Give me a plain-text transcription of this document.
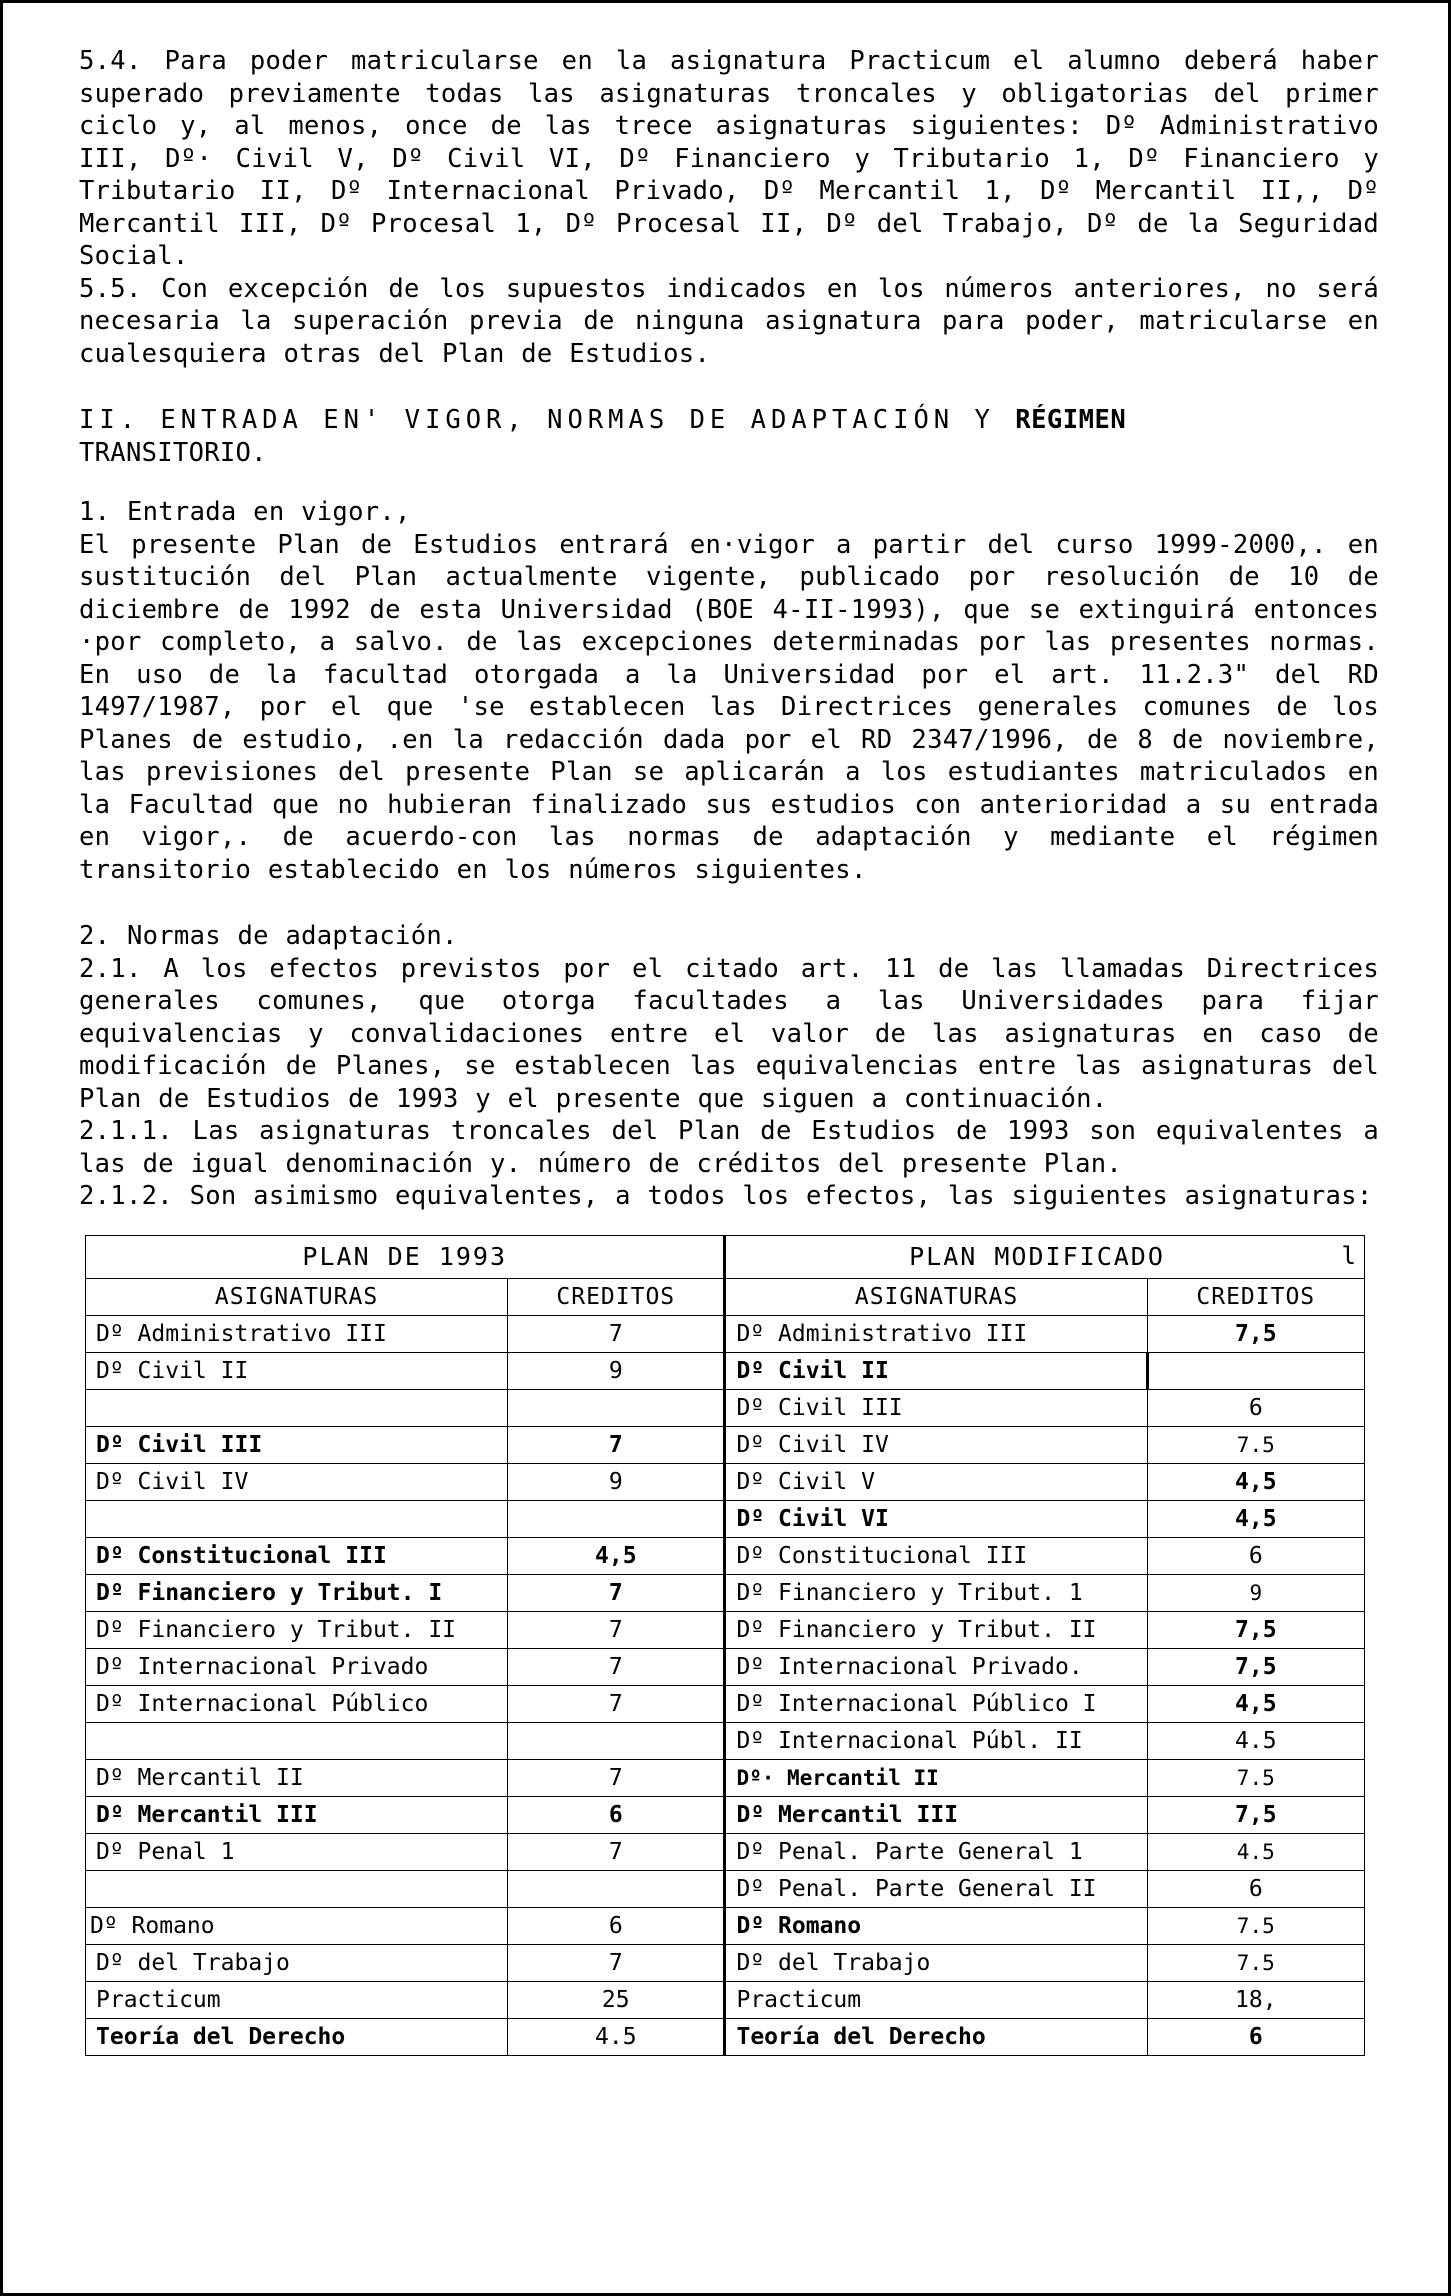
5.4. Para poder matricularse en la asignatura Practicum el alumno deberá haber superado previamente todas las asignaturas troncales y obligatorias del primer ciclo y, al menos, once de las trece asignaturas siguientes: Dº Administrativo III, Dº· Civil V, Dº Civil VI, Dº Financiero y Tributario 1, Dº Financiero y Tributario II, Dº Internacional Privado, Dº Mercantil 1, Dº Mercantil II,, Dº Mercantil III, Dº Procesal 1, Dº Procesal II, Dº del Trabajo, Dº de la Seguridad Social.

5.5. Con excepción de los supuestos indicados en los números anteriores, no será necesaria la superación previa de ninguna asignatura para poder, matricularse en cualesquiera otras del Plan de Estudios.

II. ENTRADA EN' VIGOR, NORMAS DE ADAPTACIÓN Y RÉGIMEN
TRANSITORIO.

1. Entrada en vigor.,

El presente Plan de Estudios entrará en·vigor a partir del curso 1999-2000,. en sustitución del Plan actualmente vigente, publicado por resolución de 10 de diciembre de 1992 de esta Universidad (BOE 4-II-1993), que se extinguirá entonces ·por completo, a salvo. de las excepciones determinadas por las presentes normas. En uso de la facultad otorgada a la Universidad por el art. 11.2.3" del RD 1497/1987, por el que 'se establecen las Directrices generales comunes de los Planes de estudio, .en la redacción dada por el RD 2347/1996, de 8 de noviembre, las previsiones del presente Plan se aplicarán a los estudiantes matriculados en la Facultad que no hubieran finalizado sus estudios con anterioridad a su entrada en vigor,. de acuerdo-con las normas de adaptación y mediante el régimen transitorio establecido en los números siguientes.

2. Normas de adaptación.

2.1. A los efectos previstos por el citado art. 11 de las llamadas Directrices generales comunes, que otorga facultades a las Universidades para fijar equivalencias y convalidaciones entre el valor de las asignaturas en caso de modificación de Planes, se establecen las equivalencias entre las asignaturas del Plan de Estudios de 1993 y el presente que siguen a continuación.

2.1.1. Las asignaturas troncales del Plan de Estudios de 1993 son equivalentes a las de igual denominación y. número de créditos del presente Plan.

2.1.2. Son asimismo equivalentes, a todos los efectos, las siguientes asignaturas:

PLAN DE 1993	PLAN MODIFICADO	l

ASIGNATURAS	CREDITOS	ASIGNATURAS	CREDITOS
Dº Administrativo III	7	Dº Administrativo III	7,5
Dº Civil II	9	Dº Civil II	
		Dº Civil III	6
Dº Civil III	7	Dº Civil IV	7.5
Dº Civil IV	9	Dº Civil V	4,5
		Dº Civil VI	4,5
Dº Constitucional III	4,5	Dº Constitucional III	6
Dº Financiero y Tribut. I	7	Dº Financiero y Tribut. 1	9
Dº Financiero y Tribut. II	7	Dº Financiero y Tribut. II	7,5
Dº Internacional Privado	7	Dº Internacional Privado.	7,5
Dº Internacional Público	7	Dº Internacional Público I	4,5
		Dº Internacional Públ. II	4.5
Dº Mercantil II	7	Dº· Mercantil II	7.5
Dº Mercantil III	6	Dº Mercantil III	7,5
Dº Penal 1	7	Dº Penal. Parte General 1	4.5
		Dº Penal. Parte General II	6
Dº Romano	6	Dº Romano	7.5
Dº del Trabajo	7	Dº del Trabajo	7.5
Practicum	25	Practicum	18,
Teoría del Derecho	4.5	Teoría del Derecho	6
